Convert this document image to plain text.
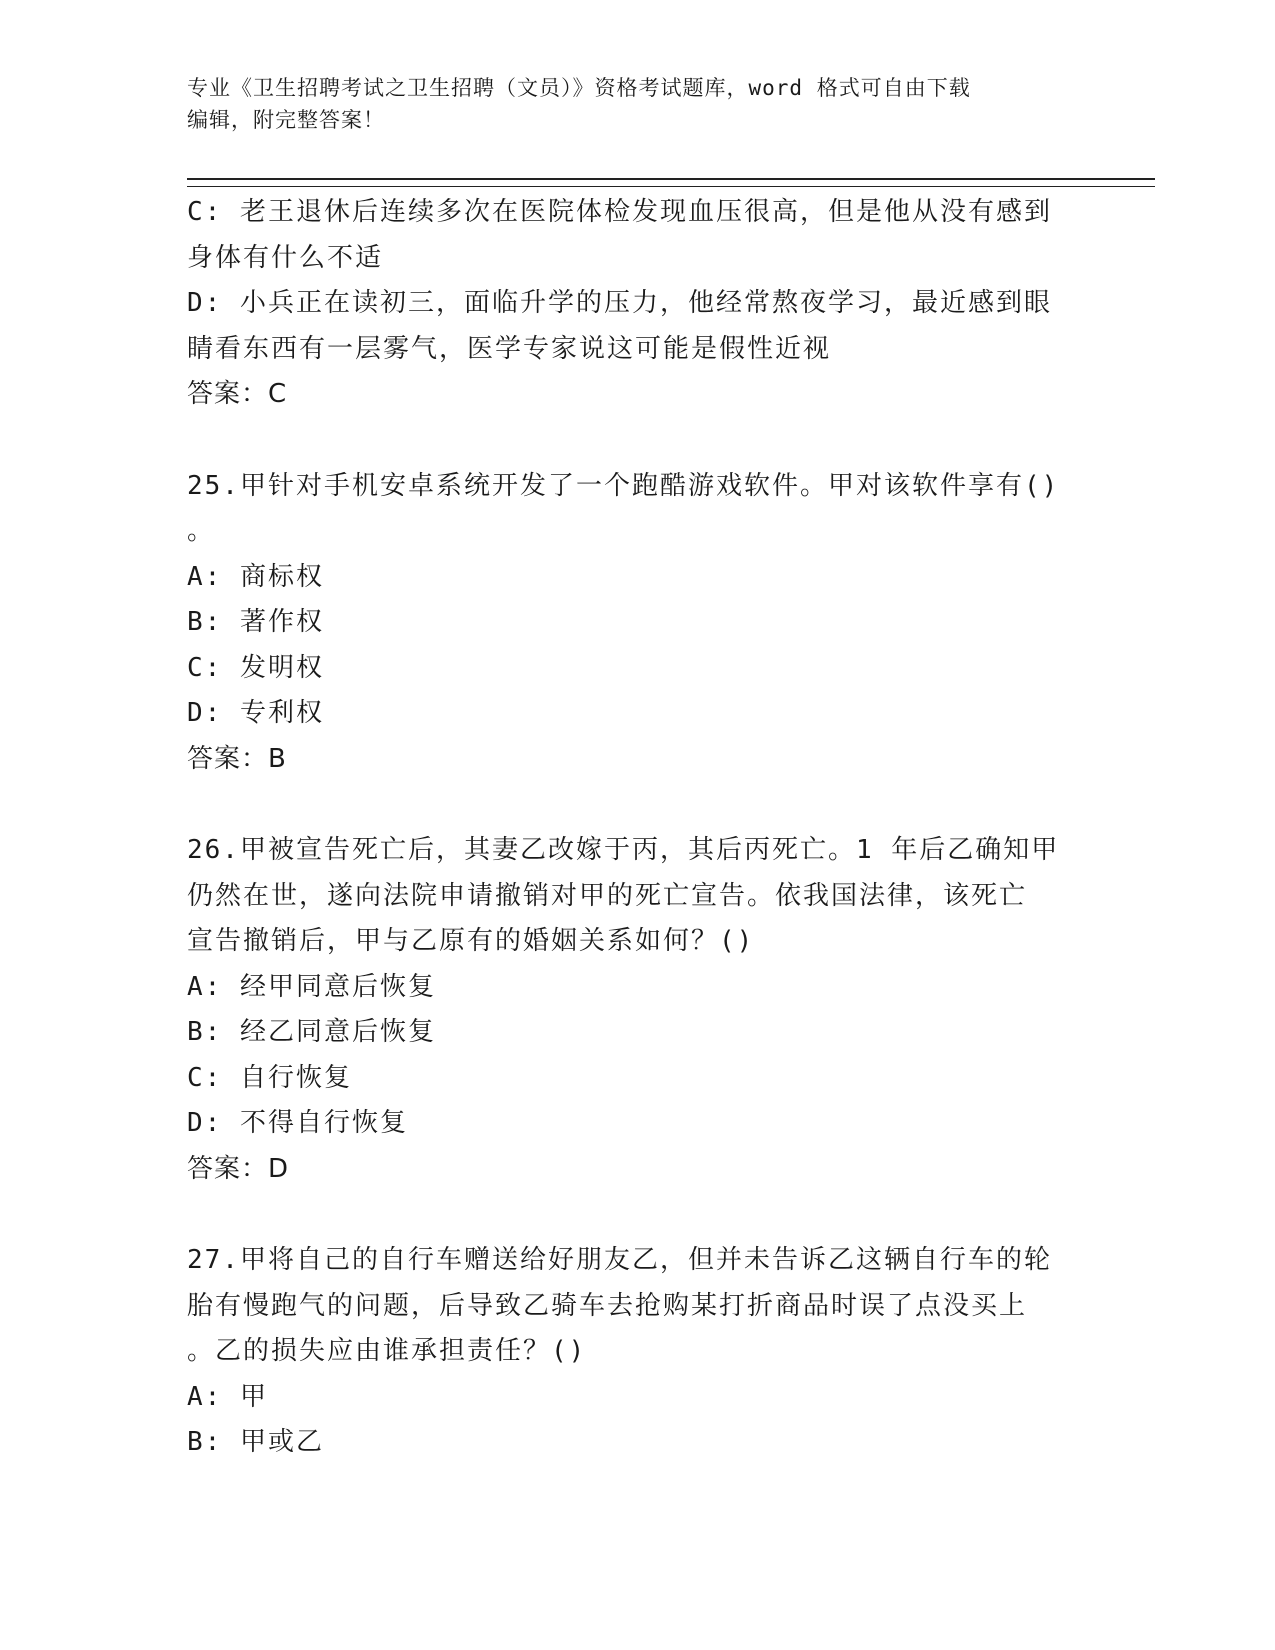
专业《卫生招聘考试之卫生招聘（文员）》资格考试题库，word 格式可自由下载
编辑，附完整答案！
C: 老王退休后连续多次在医院体检发现血压很高，但是他从没有感到
身体有什么不适
D: 小兵正在读初三，面临升学的压力，他经常熬夜学习，最近感到眼
睛看东西有一层雾气，医学专家说这可能是假性近视
答案：C
25.甲针对手机安卓系统开发了一个跑酷游戏软件。甲对该软件享有()
。
A: 商标权
B: 著作权
C: 发明权
D: 专利权
答案：B
26.甲被宣告死亡后，其妻乙改嫁于丙，其后丙死亡。1 年后乙确知甲
仍然在世，遂向法院申请撤销对甲的死亡宣告。依我国法律，该死亡
宣告撤销后，甲与乙原有的婚姻关系如何？()
A: 经甲同意后恢复
B: 经乙同意后恢复
C: 自行恢复
D: 不得自行恢复
答案：D
27.甲将自己的自行车赠送给好朋友乙，但并未告诉乙这辆自行车的轮
胎有慢跑气的问题，后导致乙骑车去抢购某打折商品时误了点没买上
。乙的损失应由谁承担责任？()
A: 甲
B: 甲或乙
